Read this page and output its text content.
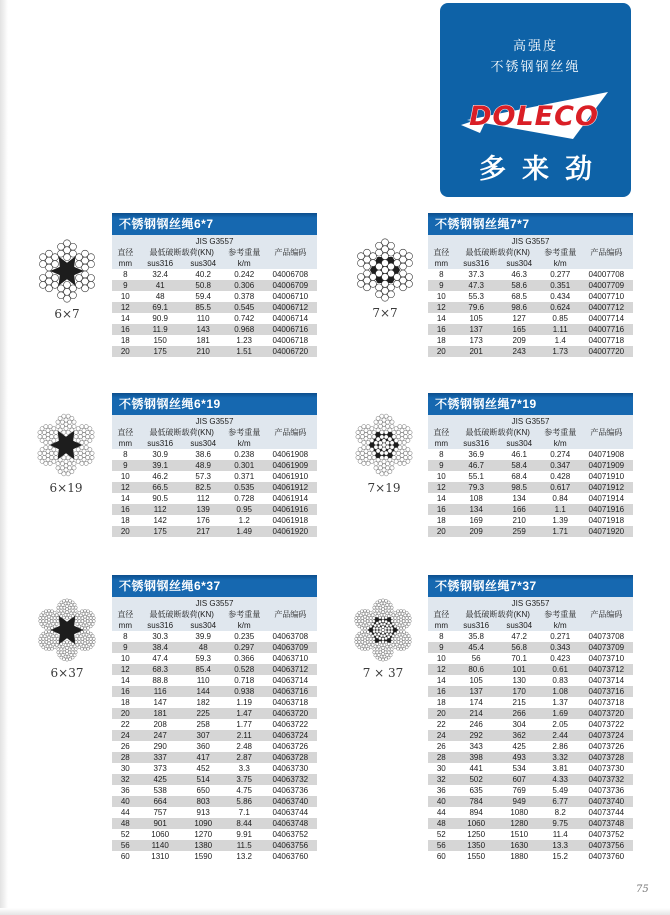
高强度
不锈钢钢丝绳
DOLECO
多来劲
6×7
不锈钢钢丝绳6*7
JIS G3557
直径	最低破断载荷(KN)	参考重量	产品编码
mm	sus316	sus304	k/m
8	32.4	40.2	0.242	04006708
9	41	50.8	0.306	04006709
10	48	59.4	0.378	04006710
12	69.1	85.5	0.545	04006712
14	90.9	110	0.742	04006714
16	11.9	143	0.968	04006716
18	150	181	1.23	04006718
20	175	210	1.51	04006720
7×7
不锈钢钢丝绳7*7
JIS G3557
直径	最低破断载荷(KN)	参考重量	产品编码
mm	sus316	sus304	k/m
8	37.3	46.3	0.277	04007708
9	47.3	58.6	0.351	04007709
10	55.3	68.5	0.434	04007710
12	79.6	98.6	0.624	04007712
14	105	127	0.85	04007714
16	137	165	1.11	04007716
18	173	209	1.4	04007718
20	201	243	1.73	04007720
6×19
不锈钢钢丝绳6*19
JIS G3557
直径	最低破断载荷(KN)	参考重量	产品编码
mm	sus316	sus304	k/m
8	30.9	38.6	0.238	04061908
9	39.1	48.9	0.301	04061909
10	46.2	57.3	0.371	04061910
12	66.5	82.5	0.535	04061912
14	90.5	112	0.728	04061914
16	112	139	0.95	04061916
18	142	176	1.2	04061918
20	175	217	1.49	04061920
7×19
不锈钢钢丝绳7*19
JIS G3557
直径	最低破断载荷(KN)	参考重量	产品编码
mm	sus316	sus304	k/m
8	36.9	46.1	0.274	04071908
9	46.7	58.4	0.347	04071909
10	55.1	68.4	0.428	04071910
12	79.3	98.5	0.617	04071912
14	108	134	0.84	04071914
16	134	166	1.1	04071916
18	169	210	1.39	04071918
20	209	259	1.71	04071920
6×37
不锈钢钢丝绳6*37
JIS G3557
直径	最低破断载荷(KN)	参考重量	产品编码
mm	sus316	sus304	k/m
8	30.3	39.9	0.235	04063708
9	38.4	48	0.297	04063709
10	47.4	59.3	0.366	04063710
12	68.3	85.4	0.528	04063712
14	88.8	110	0.718	04063714
16	116	144	0.938	04063716
18	147	182	1.19	04063718
20	181	225	1.47	04063720
22	208	258	1.77	04063722
24	247	307	2.11	04063724
26	290	360	2.48	04063726
28	337	417	2.87	04063728
30	373	452	3.3	04063730
32	425	514	3.75	04063732
36	538	650	4.75	04063736
40	664	803	5.86	04063740
44	757	913	7.1	04063744
48	901	1090	8.44	04063748
52	1060	1270	9.91	04063752
56	1140	1380	11.5	04063756
60	1310	1590	13.2	04063760
7 × 37
不锈钢钢丝绳7*37
JIS G3557
直径	最低破断载荷(KN)	参考重量	产品编码
mm	sus316	sus304	k/m
8	35.8	47.2	0.271	04073708
9	45.4	56.8	0.343	04073709
10	56	70.1	0.423	04073710
12	80.6	101	0.61	04073712
14	105	130	0.83	04073714
16	137	170	1.08	04073716
18	174	215	1.37	04073718
20	214	266	1.69	04073720
22	246	304	2.05	04073722
24	292	362	2.44	04073724
26	343	425	2.86	04073726
28	398	493	3.32	04073728
30	441	534	3.81	04073730
32	502	607	4.33	04073732
36	635	769	5.49	04073736
40	784	949	6.77	04073740
44	894	1080	8.2	04073744
48	1060	1280	9.75	04073748
52	1250	1510	11.4	04073752
56	1350	1630	13.3	04073756
60	1550	1880	15.2	04073760
75
